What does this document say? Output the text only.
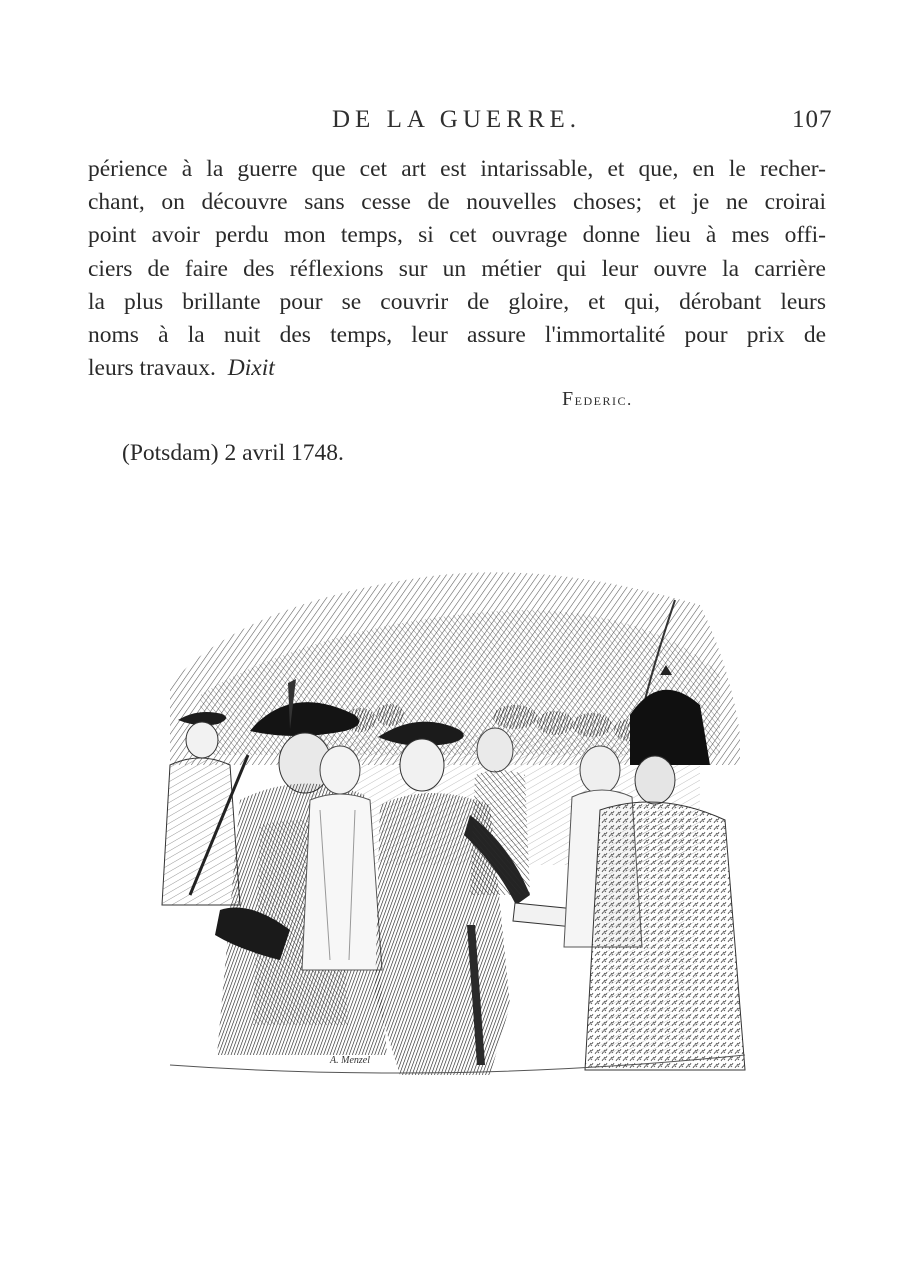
DE LA GUERRE.	107
périence à la guerre que cet art est intarissable, et que, en le recher-
chant, on découvre sans cesse de nouvelles choses; et je ne croirai
point avoir perdu mon temps, si cet ouvrage donne lieu à mes offi-
ciers de faire des réflexions sur un métier qui leur ouvre la carrière
la plus brillante pour se couvrir de gloire, et qui, dérobant leurs
noms à la nuit des temps, leur assure l'immortalité pour prix de
leurs travaux. Dixit
Federic.
(Potsdam) 2 avril 1748.
A. Menzel
